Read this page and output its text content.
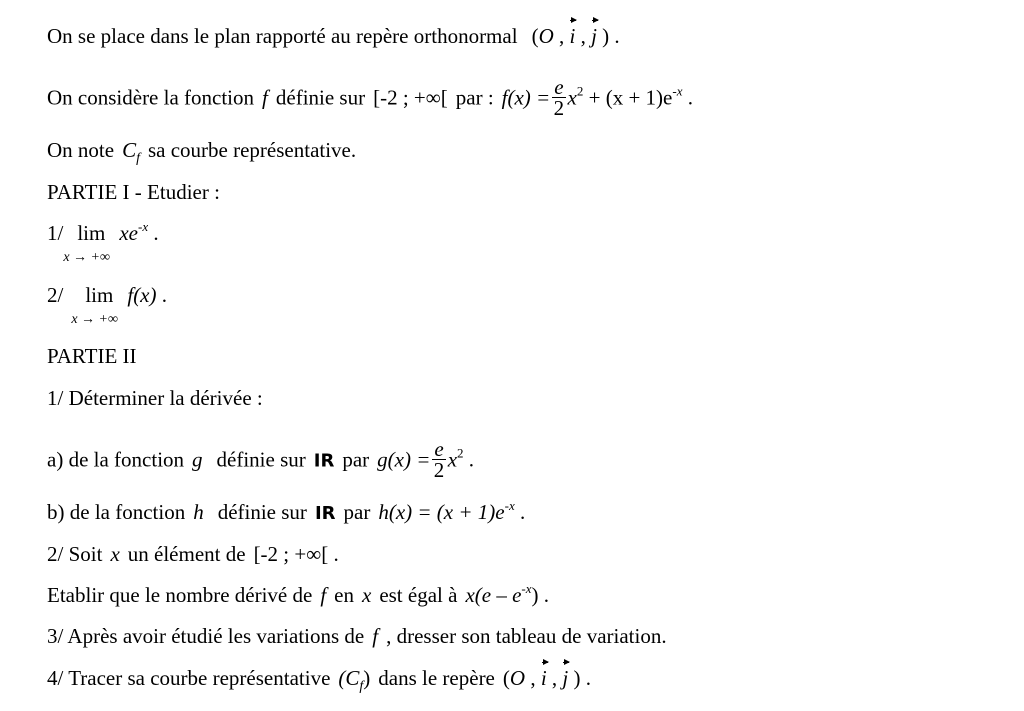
On se place dans le plan rapporté au repère orthonormal (O , i , j ) .
On considère la fonction f définie sur [-2 ; +∞[ par : $f(x) = \frac{e}{2} x^2 + (x + 1)e^{-x}$ .
On note $C_f$ sa courbe représentative.
PARTIE I - Etudier :
1/ lim
x → +∞
$xe^{-x}$ .
2/ lim
x → +∞
f(x) .
PARTIE II
1/ Déterminer la dérivée :
a) de la fonction g définie sur IR par $g(x) = \frac{e}{2} x^2$ .
b) de la fonction h définie sur IR par $h(x) = (x + 1)e^{-x}$ .
2/ Soit x un élément de [-2 ; +∞[ .
Etablir que le nombre dérivé de f en x est égal à $x(e - e^{-x})$ .
3/ Après avoir étudié les variations de f , dresser son tableau de variation.
4/ Tracer sa courbe représentative $(C_f)$ dans le repère (O , i , j ) .
